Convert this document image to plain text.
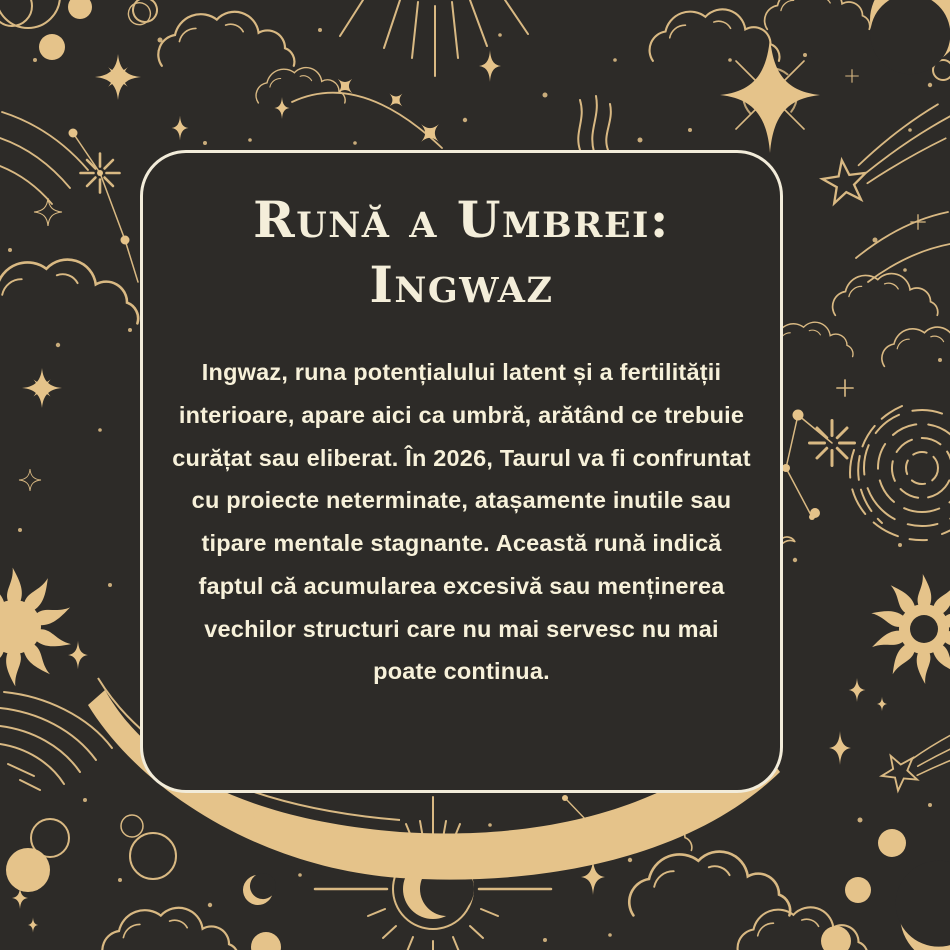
Rună a Umbrei:
Ingwaz

Ingwaz, runa potențialului latent și a fertilității interioare, apare aici ca umbră, arătând ce trebuie curățat sau eliberat. În 2026, Taurul va fi confruntat cu proiecte neterminate, atașamente inutile sau tipare mentale stagnante. Această rună indică faptul că acumularea excesivă sau menținerea vechilor structuri care nu mai servesc nu mai poate continua.
